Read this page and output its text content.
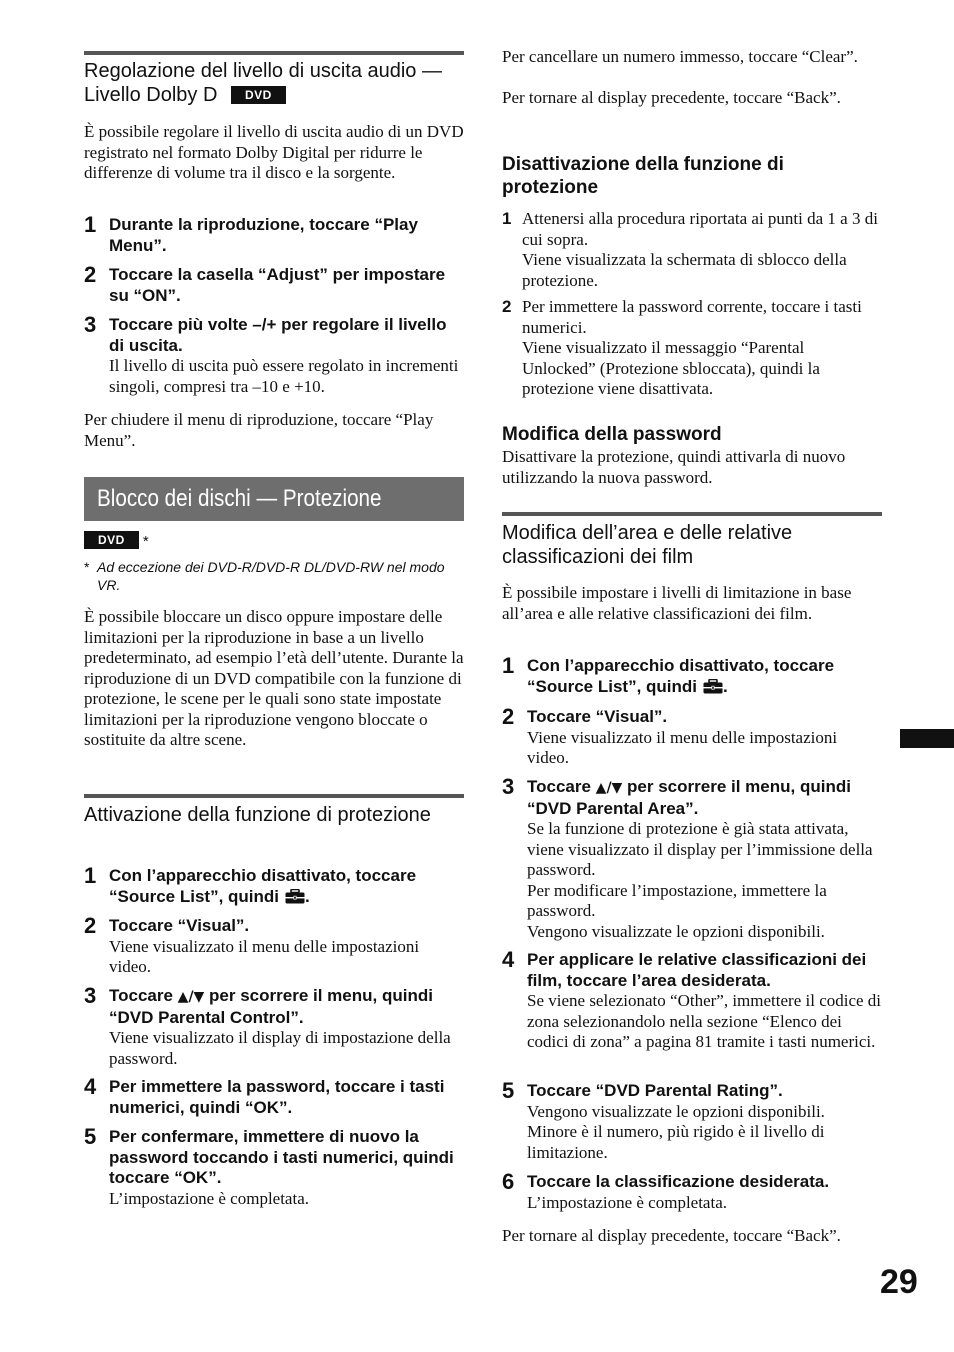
Regolazione del livello di uscita audio — Livello Dolby D DVD
È possibile regolare il livello di uscita audio di un DVD registrato nel formato Dolby Digital per ridurre le differenze di volume tra il disco e la sorgente.
1 Durante la riproduzione, toccare “Play Menu”.
2 Toccare la casella “Adjust” per impostare su “ON”.
3 Toccare più volte –/+ per regolare il livello di uscita.
Il livello di uscita può essere regolato in incrementi singoli, compresi tra –10 e +10.
Per chiudere il menu di riproduzione, toccare “Play Menu”.
Blocco dei dischi — Protezione
DVD *
* Ad eccezione dei DVD-R/DVD-R DL/DVD-RW nel modo VR.
È possibile bloccare un disco oppure impostare delle limitazioni per la riproduzione in base a un livello predeterminato, ad esempio l’età dell’utente. Durante la riproduzione di un DVD compatibile con la funzione di protezione, le scene per le quali sono state impostate limitazioni per la riproduzione vengono bloccate o sostituite da altre scene.
Attivazione della funzione di protezione
1 Con l’apparecchio disattivato, toccare “Source List”, quindi .
2 Toccare “Visual”.
Viene visualizzato il menu delle impostazioni video.
3 Toccare ▲/▼ per scorrere il menu, quindi “DVD Parental Control”.
Viene visualizzato il display di impostazione della password.
4 Per immettere la password, toccare i tasti numerici, quindi “OK”.
5 Per confermare, immettere di nuovo la password toccando i tasti numerici, quindi toccare “OK”.
L’impostazione è completata.
Per cancellare un numero immesso, toccare “Clear”.
Per tornare al display precedente, toccare “Back”.
Disattivazione della funzione di protezione
1 Attenersi alla procedura riportata ai punti da 1 a 3 di cui sopra.
Viene visualizzata la schermata di sblocco della protezione.
2 Per immettere la password corrente, toccare i tasti numerici.
Viene visualizzato il messaggio “Parental Unlocked” (Protezione sbloccata), quindi la protezione viene disattivata.
Modifica della password
Disattivare la protezione, quindi attivarla di nuovo utilizzando la nuova password.
Modifica dell’area e delle relative classificazioni dei film
È possibile impostare i livelli di limitazione in base all’area e alle relative classificazioni dei film.
1 Con l’apparecchio disattivato, toccare “Source List”, quindi .
2 Toccare “Visual”.
Viene visualizzato il menu delle impostazioni video.
3 Toccare ▲/▼ per scorrere il menu, quindi “DVD Parental Area”.
Se la funzione di protezione è già stata attivata, viene visualizzato il display per l’immissione della password.
Per modificare l’impostazione, immettere la password.
Vengono visualizzate le opzioni disponibili.
4 Per applicare le relative classificazioni dei film, toccare l’area desiderata.
Se viene selezionato “Other”, immettere il codice di zona selezionandolo nella sezione “Elenco dei codici di zona” a pagina 81 tramite i tasti numerici.
5 Toccare “DVD Parental Rating”.
Vengono visualizzate le opzioni disponibili.
Minore è il numero, più rigido è il livello di limitazione.
6 Toccare la classificazione desiderata.
L’impostazione è completata.
Per tornare al display precedente, toccare “Back”.
29
